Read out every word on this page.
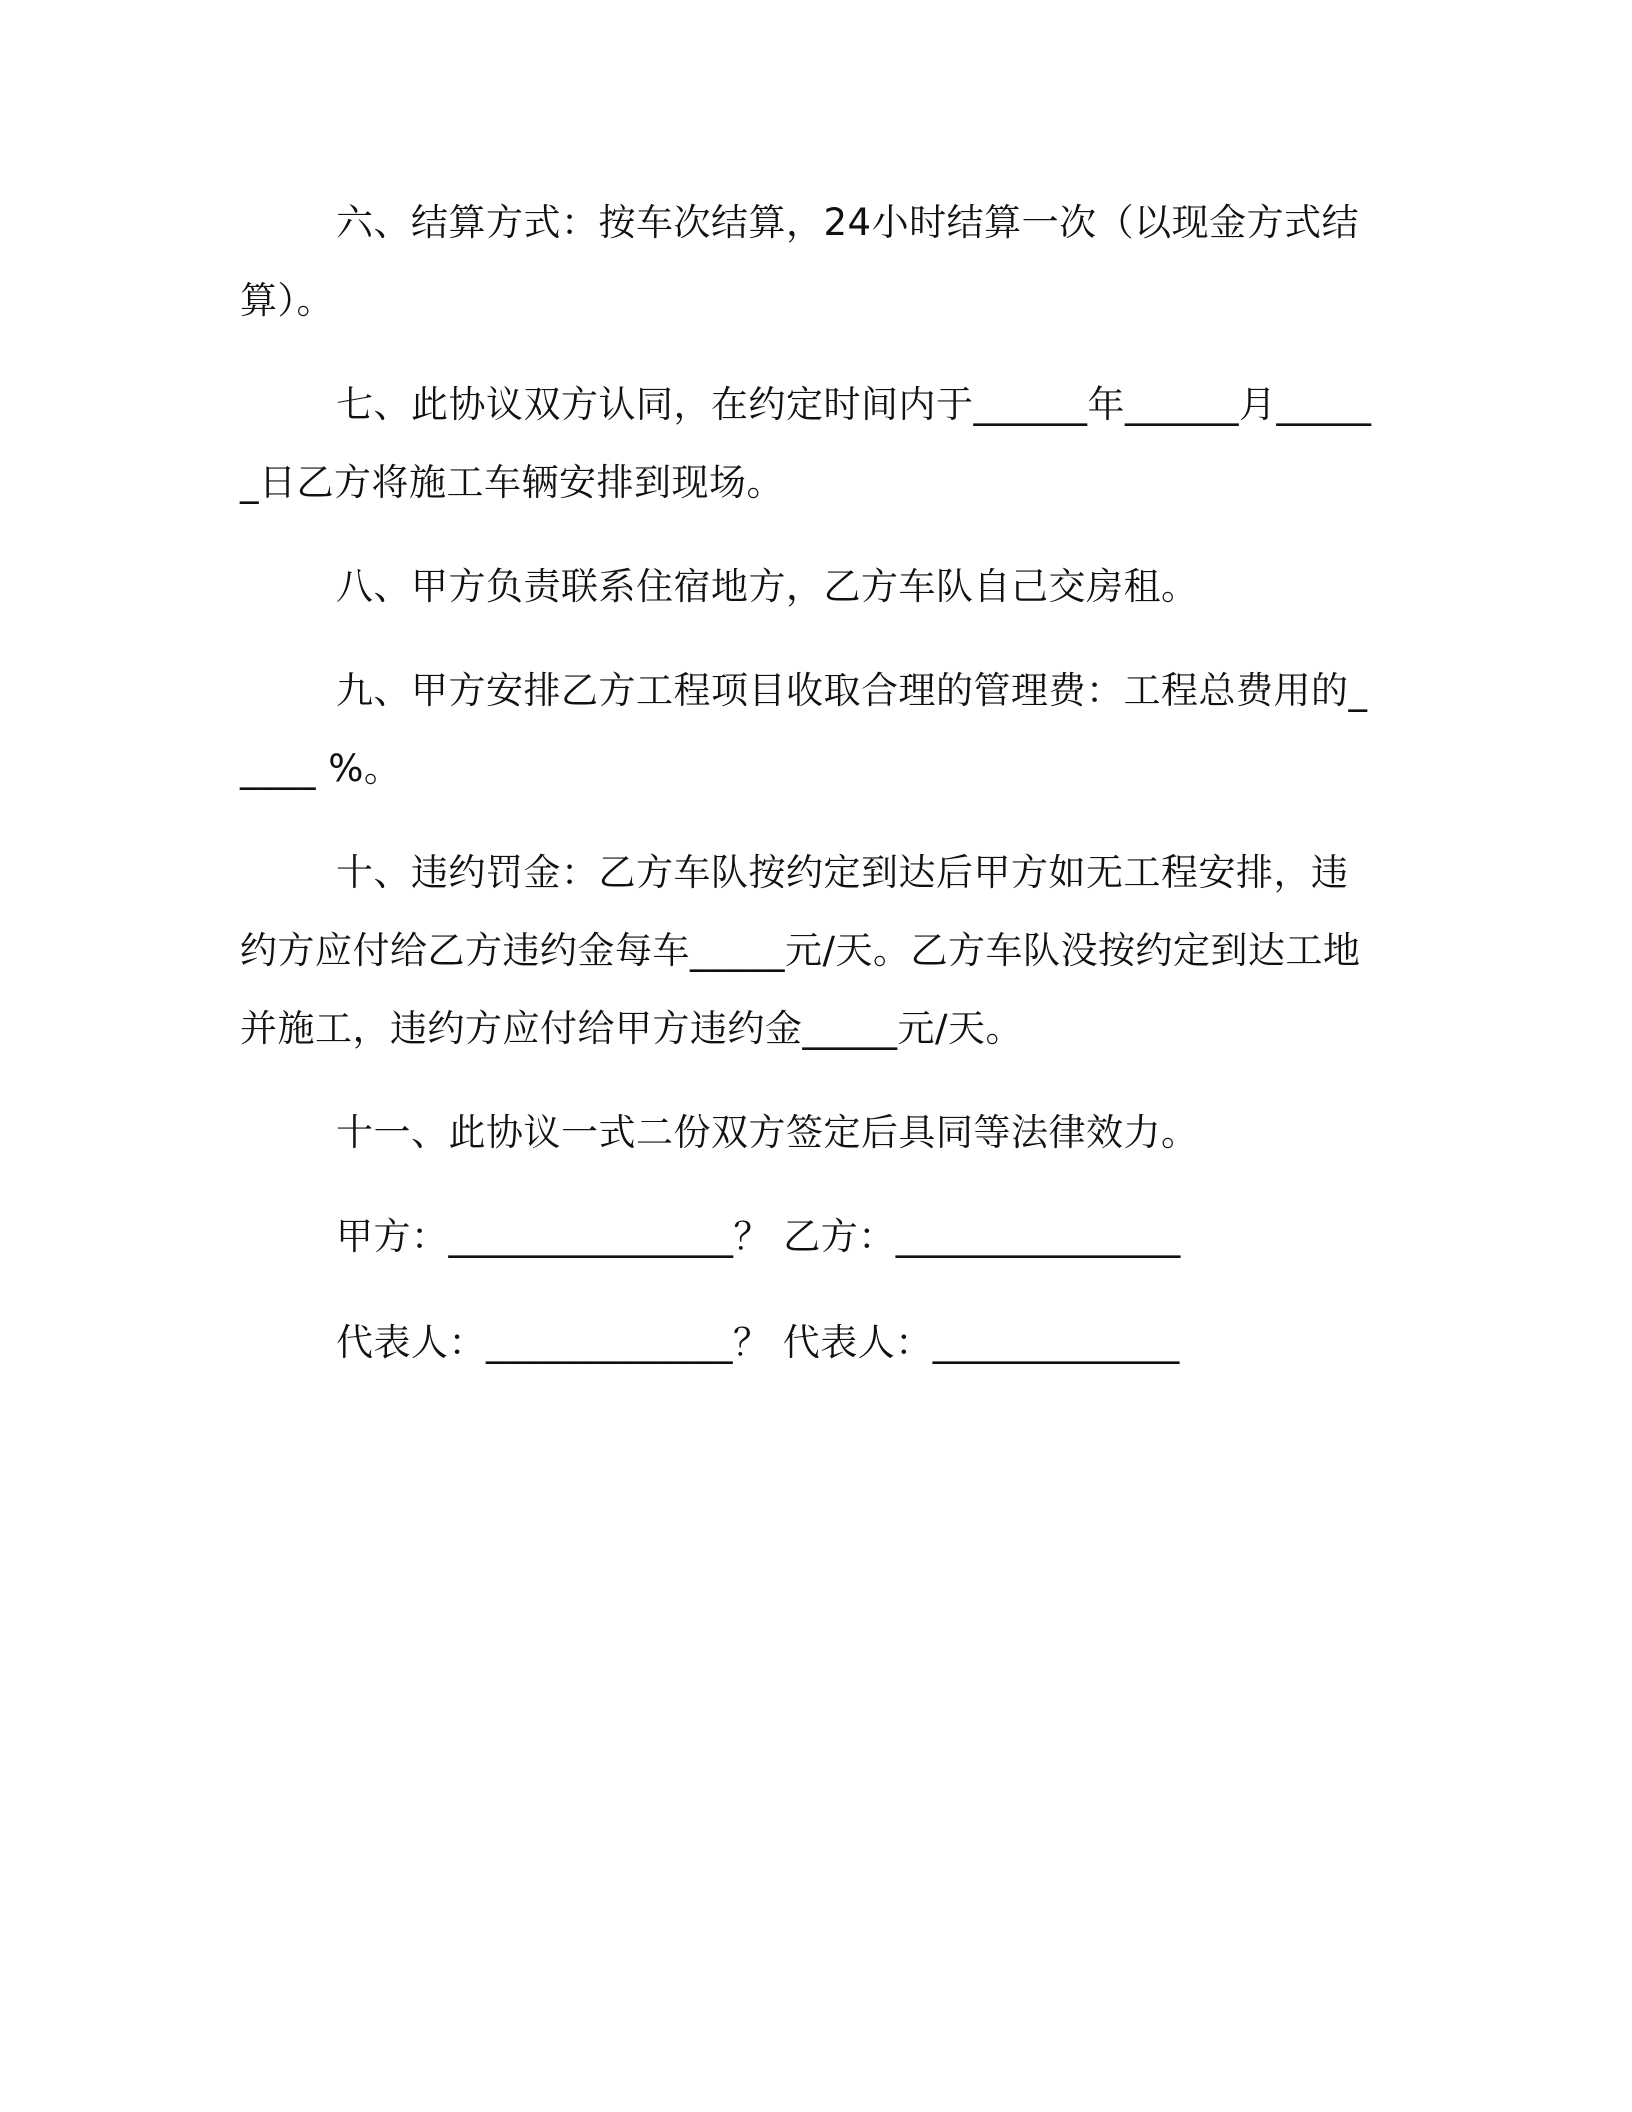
六、结算方式：按车次结算，24小时结算一次（以现金方式结算）。

七、此协议双方认同，在约定时间内于______年______月______日乙方将施工车辆安排到现场。

八、甲方负责联系住宿地方，乙方车队自己交房租。

九、甲方安排乙方工程项目收取合理的管理费：工程总费用的_____ %。

十、违约罚金：乙方车队按约定到达后甲方如无工程安排，违约方应付给乙方违约金每车_____元/天。乙方车队没按约定到达工地并施工，违约方应付给甲方违约金_____元/天。

十一、此协议一式二份双方签定后具同等法律效力。

甲方：_______________？ 乙方：_______________

代表人：_____________？ 代表人：_____________
